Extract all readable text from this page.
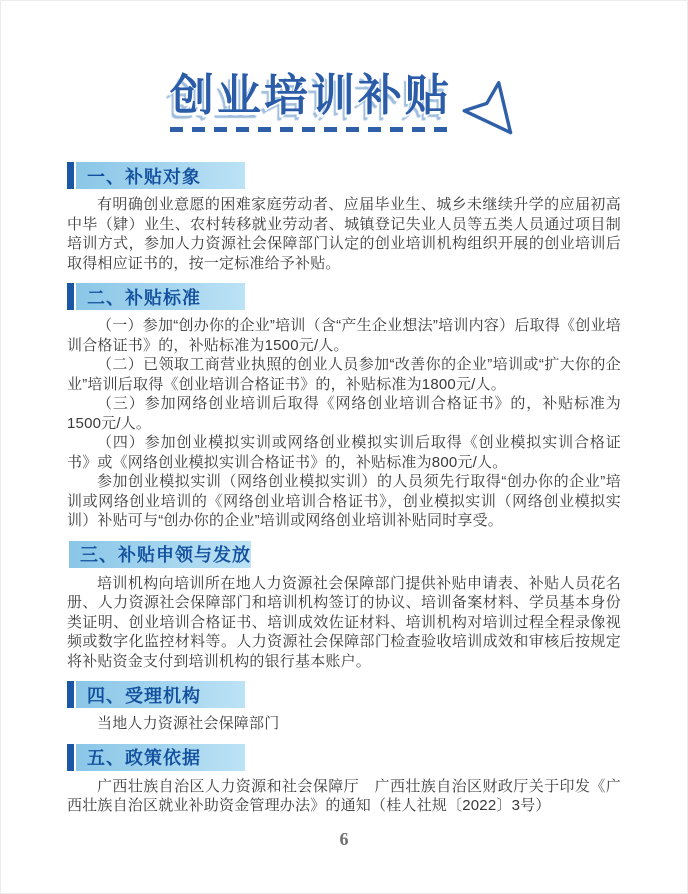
创业培训补贴
一、补贴对象

有明确创业意愿的困难家庭劳动者、应届毕业生、城乡未继续升学的应届初高中毕（肄）业生、农村转移就业劳动者、城镇登记失业人员等五类人员通过项目制培训方式，参加人力资源社会保障部门认定的创业培训机构组织开展的创业培训后取得相应证书的，按一定标准给予补贴。

二、补贴标准

（一）参加“创办你的企业”培训（含“产生企业想法”培训内容）后取得《创业培训合格证书》的，补贴标准为1500元/人。

（二）已领取工商营业执照的创业人员参加“改善你的企业”培训或“扩大你的企业”培训后取得《创业培训合格证书》的，补贴标准为1800元/人。

（三）参加网络创业培训后取得《网络创业培训合格证书》的，补贴标准为1500元/人。

（四）参加创业模拟实训或网络创业模拟实训后取得《创业模拟实训合格证书》或《网络创业模拟实训合格证书》的，补贴标准为800元/人。

参加创业模拟实训（网络创业模拟实训）的人员须先行取得“创办你的企业”培训或网络创业培训的《网络创业培训合格证书》，创业模拟实训（网络创业模拟实训）补贴可与“创办你的企业”培训或网络创业培训补贴同时享受。

三、补贴申领与发放

培训机构向培训所在地人力资源社会保障部门提供补贴申请表、补贴人员花名册、人力资源社会保障部门和培训机构签订的协议、培训备案材料、学员基本身份类证明、创业培训合格证书、培训成效佐证材料、培训机构对培训过程全程录像视频或数字化监控材料等。人力资源社会保障部门检查验收培训成效和审核后按规定将补贴资金支付到培训机构的银行基本账户。

四、受理机构

当地人力资源社会保障部门

五、政策依据

广西壮族自治区人力资源和社会保障厅　广西壮族自治区财政厅关于印发《广西壮族自治区就业补助资金管理办法》的通知（桂人社规〔2022〕3号）

6
